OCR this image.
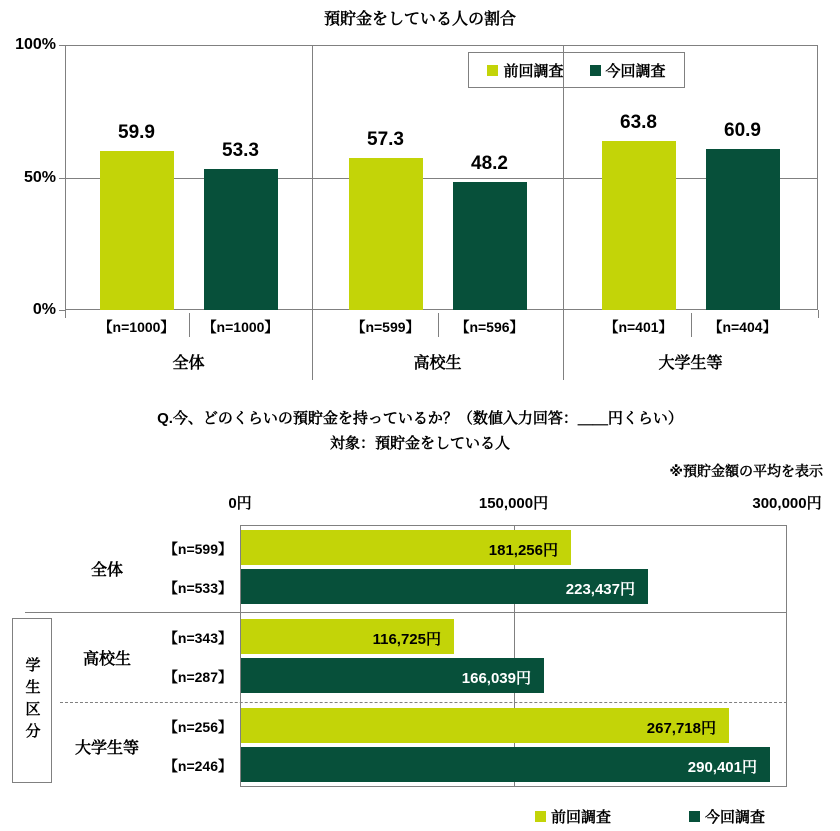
預貯金をしている人の割合
前回調査	今回調査
0%
50%
100%
全体
59.9
【n=1000】
53.3
【n=1000】
高校生
57.3
【n=599】
48.2
【n=596】
大学生等
63.8
【n=401】
60.9
【n=404】
Q.今、どのくらいの預貯金を持っているか？（数値入力回答：＿＿円くらい）
対象：預貯金をしている人
※預貯金額の平均を表示
学生区分
0円	150,000円	300,000円
全体
181,256円
【n=599】
223,437円
【n=533】
高校生
116,725円
【n=343】
166,039円
【n=287】
大学生等
267,718円
【n=256】
290,401円
【n=246】
前回調査	今回調査
